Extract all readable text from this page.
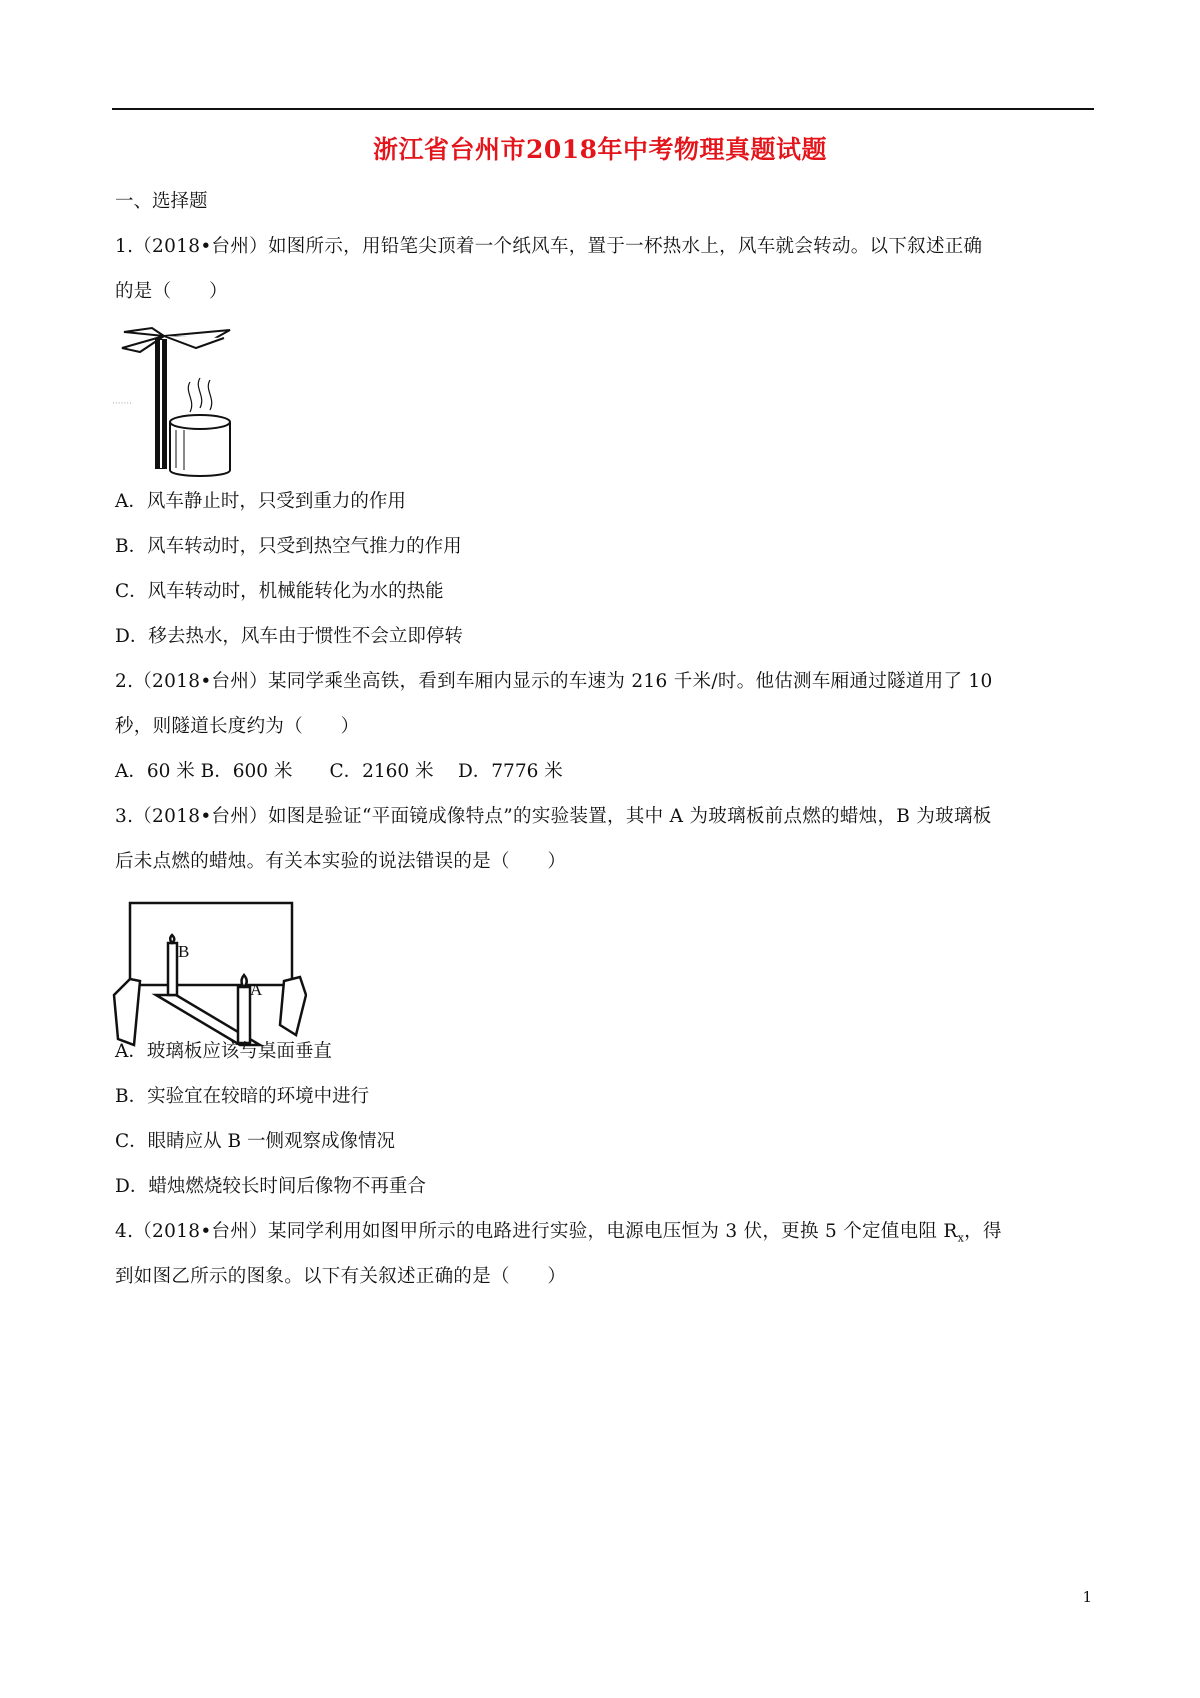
浙江省台州市2018年中考物理真题试题
一、选择题
1.（2018•台州）如图所示，用铅笔尖顶着一个纸风车，置于一杯热水上，风车就会转动。以下叙述正确
的是（　　）
·······
A．风车静止时，只受到重力的作用
B．风车转动时，只受到热空气推力的作用
C．风车转动时，机械能转化为水的热能
D．移去热水，风车由于惯性不会立即停转
2.（2018•台州）某同学乘坐高铁，看到车厢内显示的车速为 216 千米/时。他估测车厢通过隧道用了 10
秒，则隧道长度约为（　　）
A．60 米 B．600 米　　C．2160 米　 D．7776 米
3.（2018•台州）如图是验证“平面镜成像特点”的实验装置，其中 A 为玻璃板前点燃的蜡烛，B 为玻璃板
后未点燃的蜡烛。有关本实验的说法错误的是（　　）
B
A
A．玻璃板应该与桌面垂直
B．实验宜在较暗的环境中进行
C．眼睛应从 B 一侧观察成像情况
D．蜡烛燃烧较长时间后像物不再重合
4.（2018•台州）某同学利用如图甲所示的电路进行实验，电源电压恒为 3 伏，更换 5 个定值电阻 $R_x$，得
到如图乙所示的图象。以下有关叙述正确的是（　　）
1
